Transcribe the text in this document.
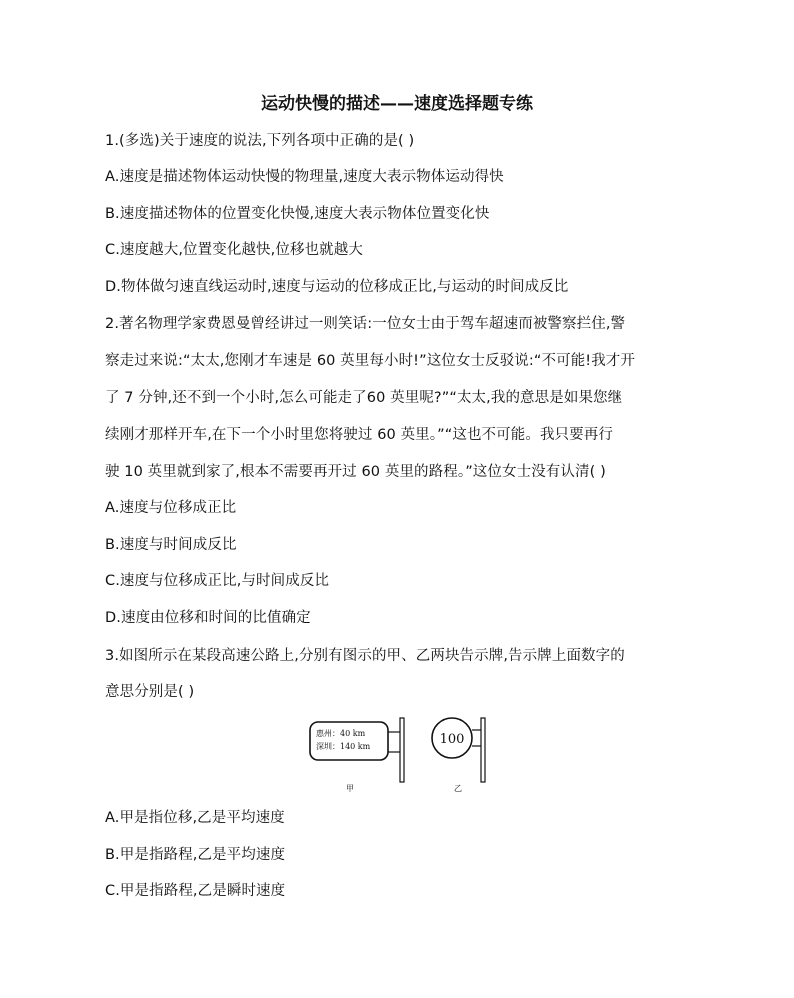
运动快慢的描述——速度选择题专练
1.(多选)关于速度的说法,下列各项中正确的是( )
A.速度是描述物体运动快慢的物理量,速度大表示物体运动得快
B.速度描述物体的位置变化快慢,速度大表示物体位置变化快
C.速度越大,位置变化越快,位移也就越大
D.物体做匀速直线运动时,速度与运动的位移成正比,与运动的时间成反比
2.著名物理学家费恩曼曾经讲过一则笑话:一位女士由于驾车超速而被警察拦住,警
察走过来说:“太太,您刚才车速是 60 英里每小时!”这位女士反驳说:“不可能!我才开
了 7 分钟,还不到一个小时,怎么可能走了60 英里呢?”“太太,我的意思是如果您继
续刚才那样开车,在下一个小时里您将驶过 60 英里。”“这也不可能。我只要再行
驶 10 英里就到家了,根本不需要再开过 60 英里的路程。”这位女士没有认清( )
A.速度与位移成正比
B.速度与时间成反比
C.速度与位移成正比,与时间成反比
D.速度由位移和时间的比值确定
3.如图所示在某段高速公路上,分别有图示的甲、乙两块告示牌,告示牌上面数字的
意思分别是( )
惠州：40 km
深圳：140 km
甲
100
乙
A.甲是指位移,乙是平均速度
B.甲是指路程,乙是平均速度
C.甲是指路程,乙是瞬时速度
